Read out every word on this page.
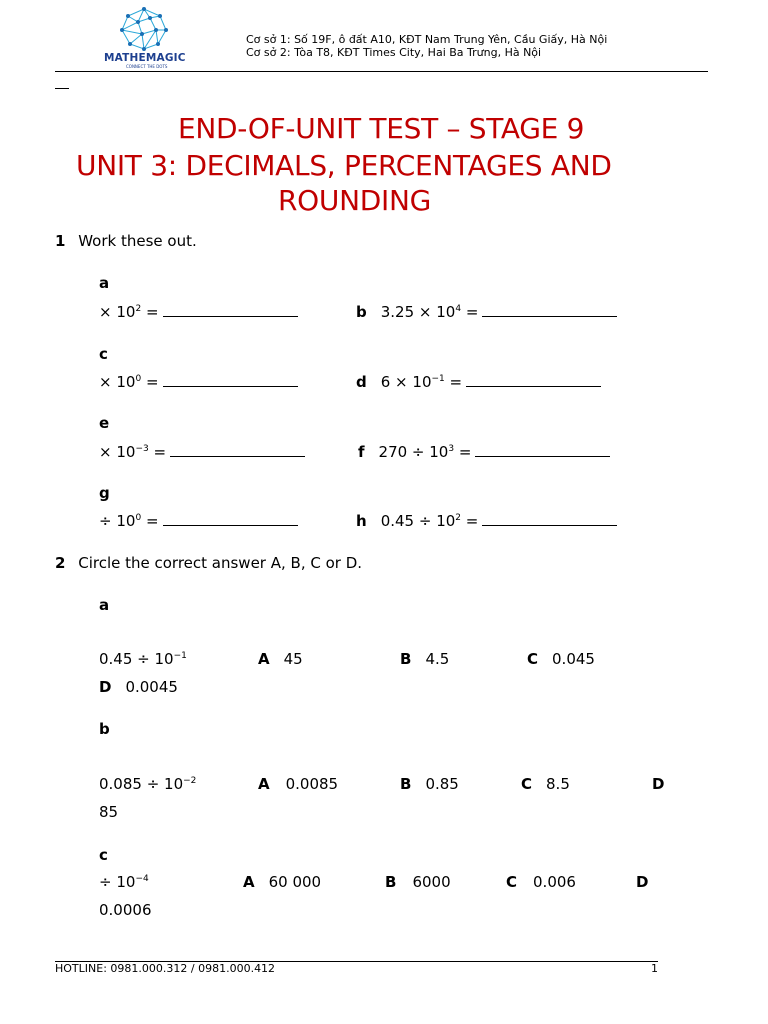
MATHEMAGIC
CONNECT THE DOTS
Cơ sở 1: Số 19F, ô đất A10, KĐT Nam Trung Yên, Cầu Giấy, Hà Nội
Cơ sở 2: Tòa T8, KĐT Times City, Hai Ba Trưng, Hà Nội
END-OF-UNIT TEST – STAGE 9
UNIT 3: DECIMALS, PERCENTAGES AND
ROUNDING
1 Work these out.
a
× $10^2$ =	b $3.25 \times 10^4$ =
c
× $10^0$ =	d $6 \times 10^{-1}$ =
e
× $10^{-3}$ =	f $270 \div 10^3$ =
g
÷ $10^0$ =	h $0.45 \div 10^2$ =
2 Circle the correct answer A, B, C or D.
a
$0.45 \div 10^{-1}$	A 45	B 4.5	C 0.045
D 0.0045
b
$0.085 \div 10^{-2}$	A 0.0085	B 0.85	C 8.5	D
85
c
÷ $10^{-4}$	A 60 000	B 6000	C 0.006	D
0.0006
HOTLINE: 0981.000.312 / 0981.000.412	1
